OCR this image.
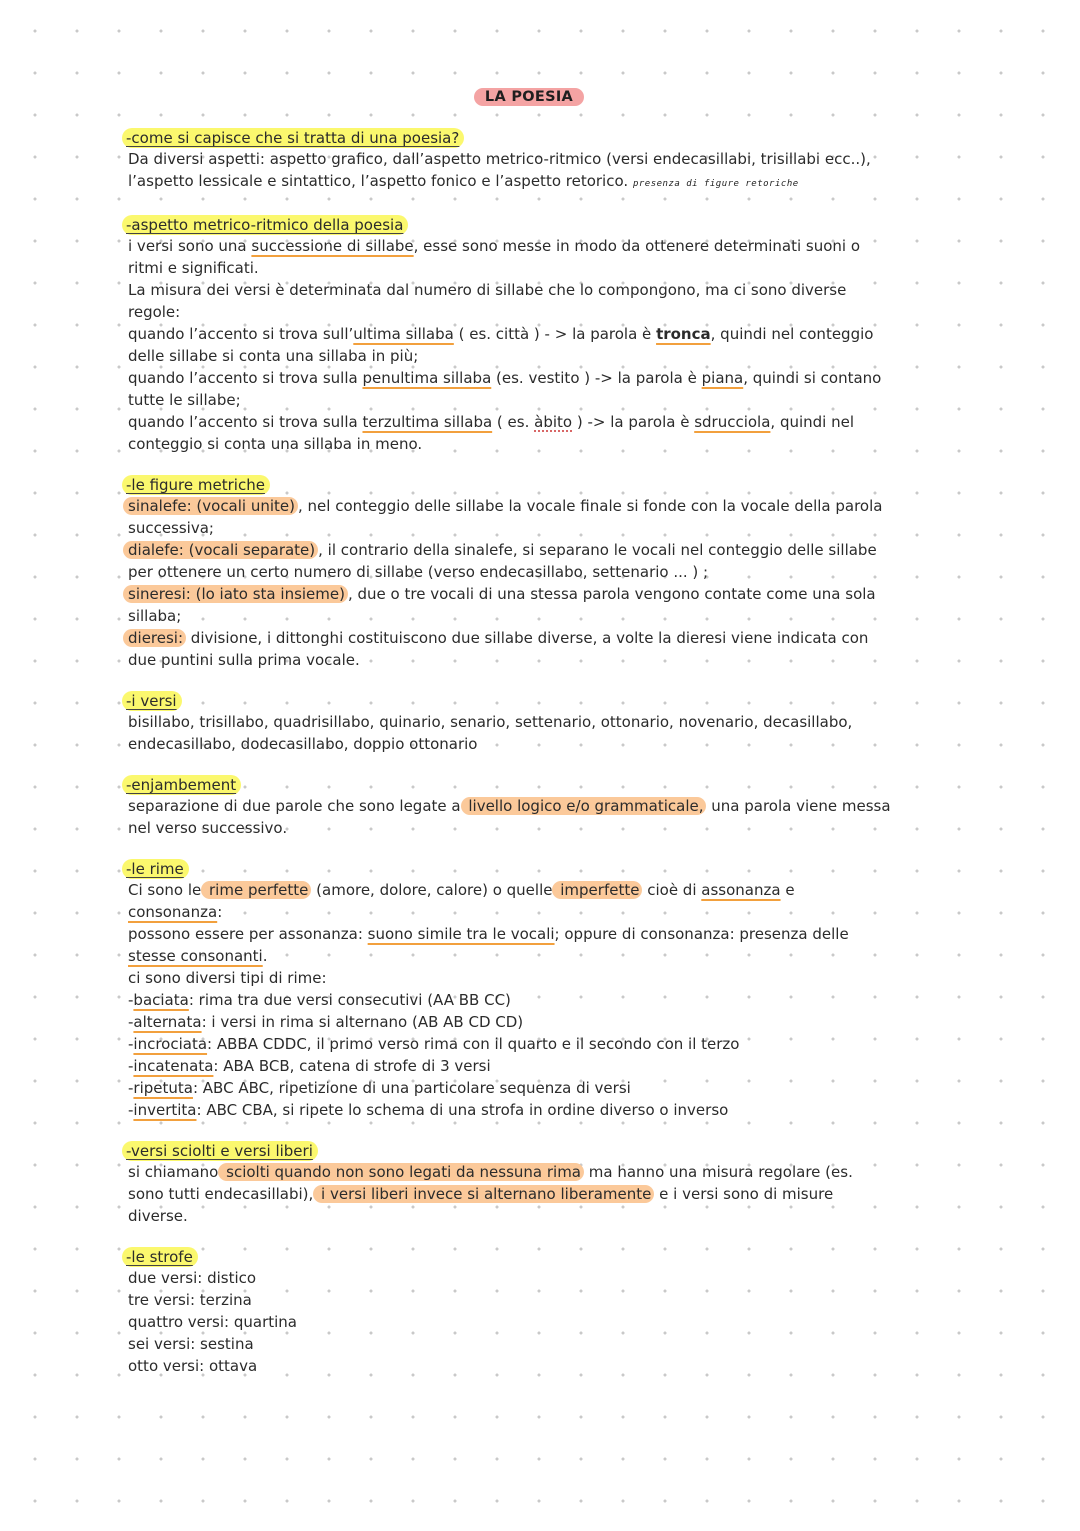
LA POESIA
-come si capisce che si tratta di una poesia?

Da diversi aspetti: aspetto grafico, dall’aspetto metrico-ritmico (versi endecasillabi, trisillabi ecc..),

l’aspetto lessicale e sintattico, l’aspetto fonico e l’aspetto retorico. presenza di figure retoriche

-aspetto metrico-ritmico della poesia

i versi sono una successione di sillabe, esse sono messe in modo da ottenere determinati suoni o

ritmi e significati.

La misura dei versi è determinata dal numero di sillabe che lo compongono, ma ci sono diverse

regole:

quando l’accento si trova sull’ultima sillaba ( es. città ) - > la parola è tronca, quindi nel conteggio

delle sillabe si conta una sillaba in più;

quando l’accento si trova sulla penultima sillaba (es. vestito ) -> la parola è piana, quindi si contano

tutte le sillabe;

quando l’accento si trova sulla terzultima sillaba ( es. àbito ) -> la parola è sdrucciola, quindi nel

conteggio si conta una sillaba in meno.

-le figure metriche

sinalefe: (vocali unite) , nel conteggio delle sillabe la vocale finale si fonde con la vocale della parola

successiva;

dialefe: (vocali separate) , il contrario della sinalefe, si separano le vocali nel conteggio delle sillabe

per ottenere un certo numero di sillabe (verso endecasillabo, settenario ... ) ;

sineresi: (lo iato sta insieme) , due o tre vocali di una stessa parola vengono contate come una sola

sillaba;

dieresi: divisione, i dittonghi costituiscono due sillabe diverse, a volte la dieresi viene indicata con

due puntini sulla prima vocale.

-i versi

bisillabo, trisillabo, quadrisillabo, quinario, senario, settenario, ottonario, novenario, decasillabo,

endecasillabo, dodecasillabo, doppio ottonario

-enjambement

separazione di due parole che sono legate a livello logico e/o grammaticale, una parola viene messa

nel verso successivo.

-le rime

Ci sono le rime perfette (amore, dolore, calore) o quelle imperfette cioè di assonanza e

consonanza:

possono essere per assonanza: suono simile tra le vocali; oppure di consonanza: presenza delle

stesse consonanti.

ci sono diversi tipi di rime:

-baciata: rima tra due versi consecutivi (AA BB CC)

-alternata: i versi in rima si alternano (AB AB CD CD)

-incrociata: ABBA CDDC, il primo verso rima con il quarto e il secondo con il terzo

-incatenata: ABA BCB, catena di strofe di 3 versi

-ripetuta: ABC ABC, ripetizione di una particolare sequenza di versi

-invertita: ABC CBA, si ripete lo schema di una strofa in ordine diverso o inverso

-versi sciolti e versi liberi

si chiamano sciolti quando non sono legati da nessuna rima ma hanno una misura regolare (es.

sono tutti endecasillabi), i versi liberi invece si alternano liberamente e i versi sono di misure

diverse.

-le strofe

due versi: distico

tre versi: terzina

quattro versi: quartina

sei versi: sestina

otto versi: ottava
